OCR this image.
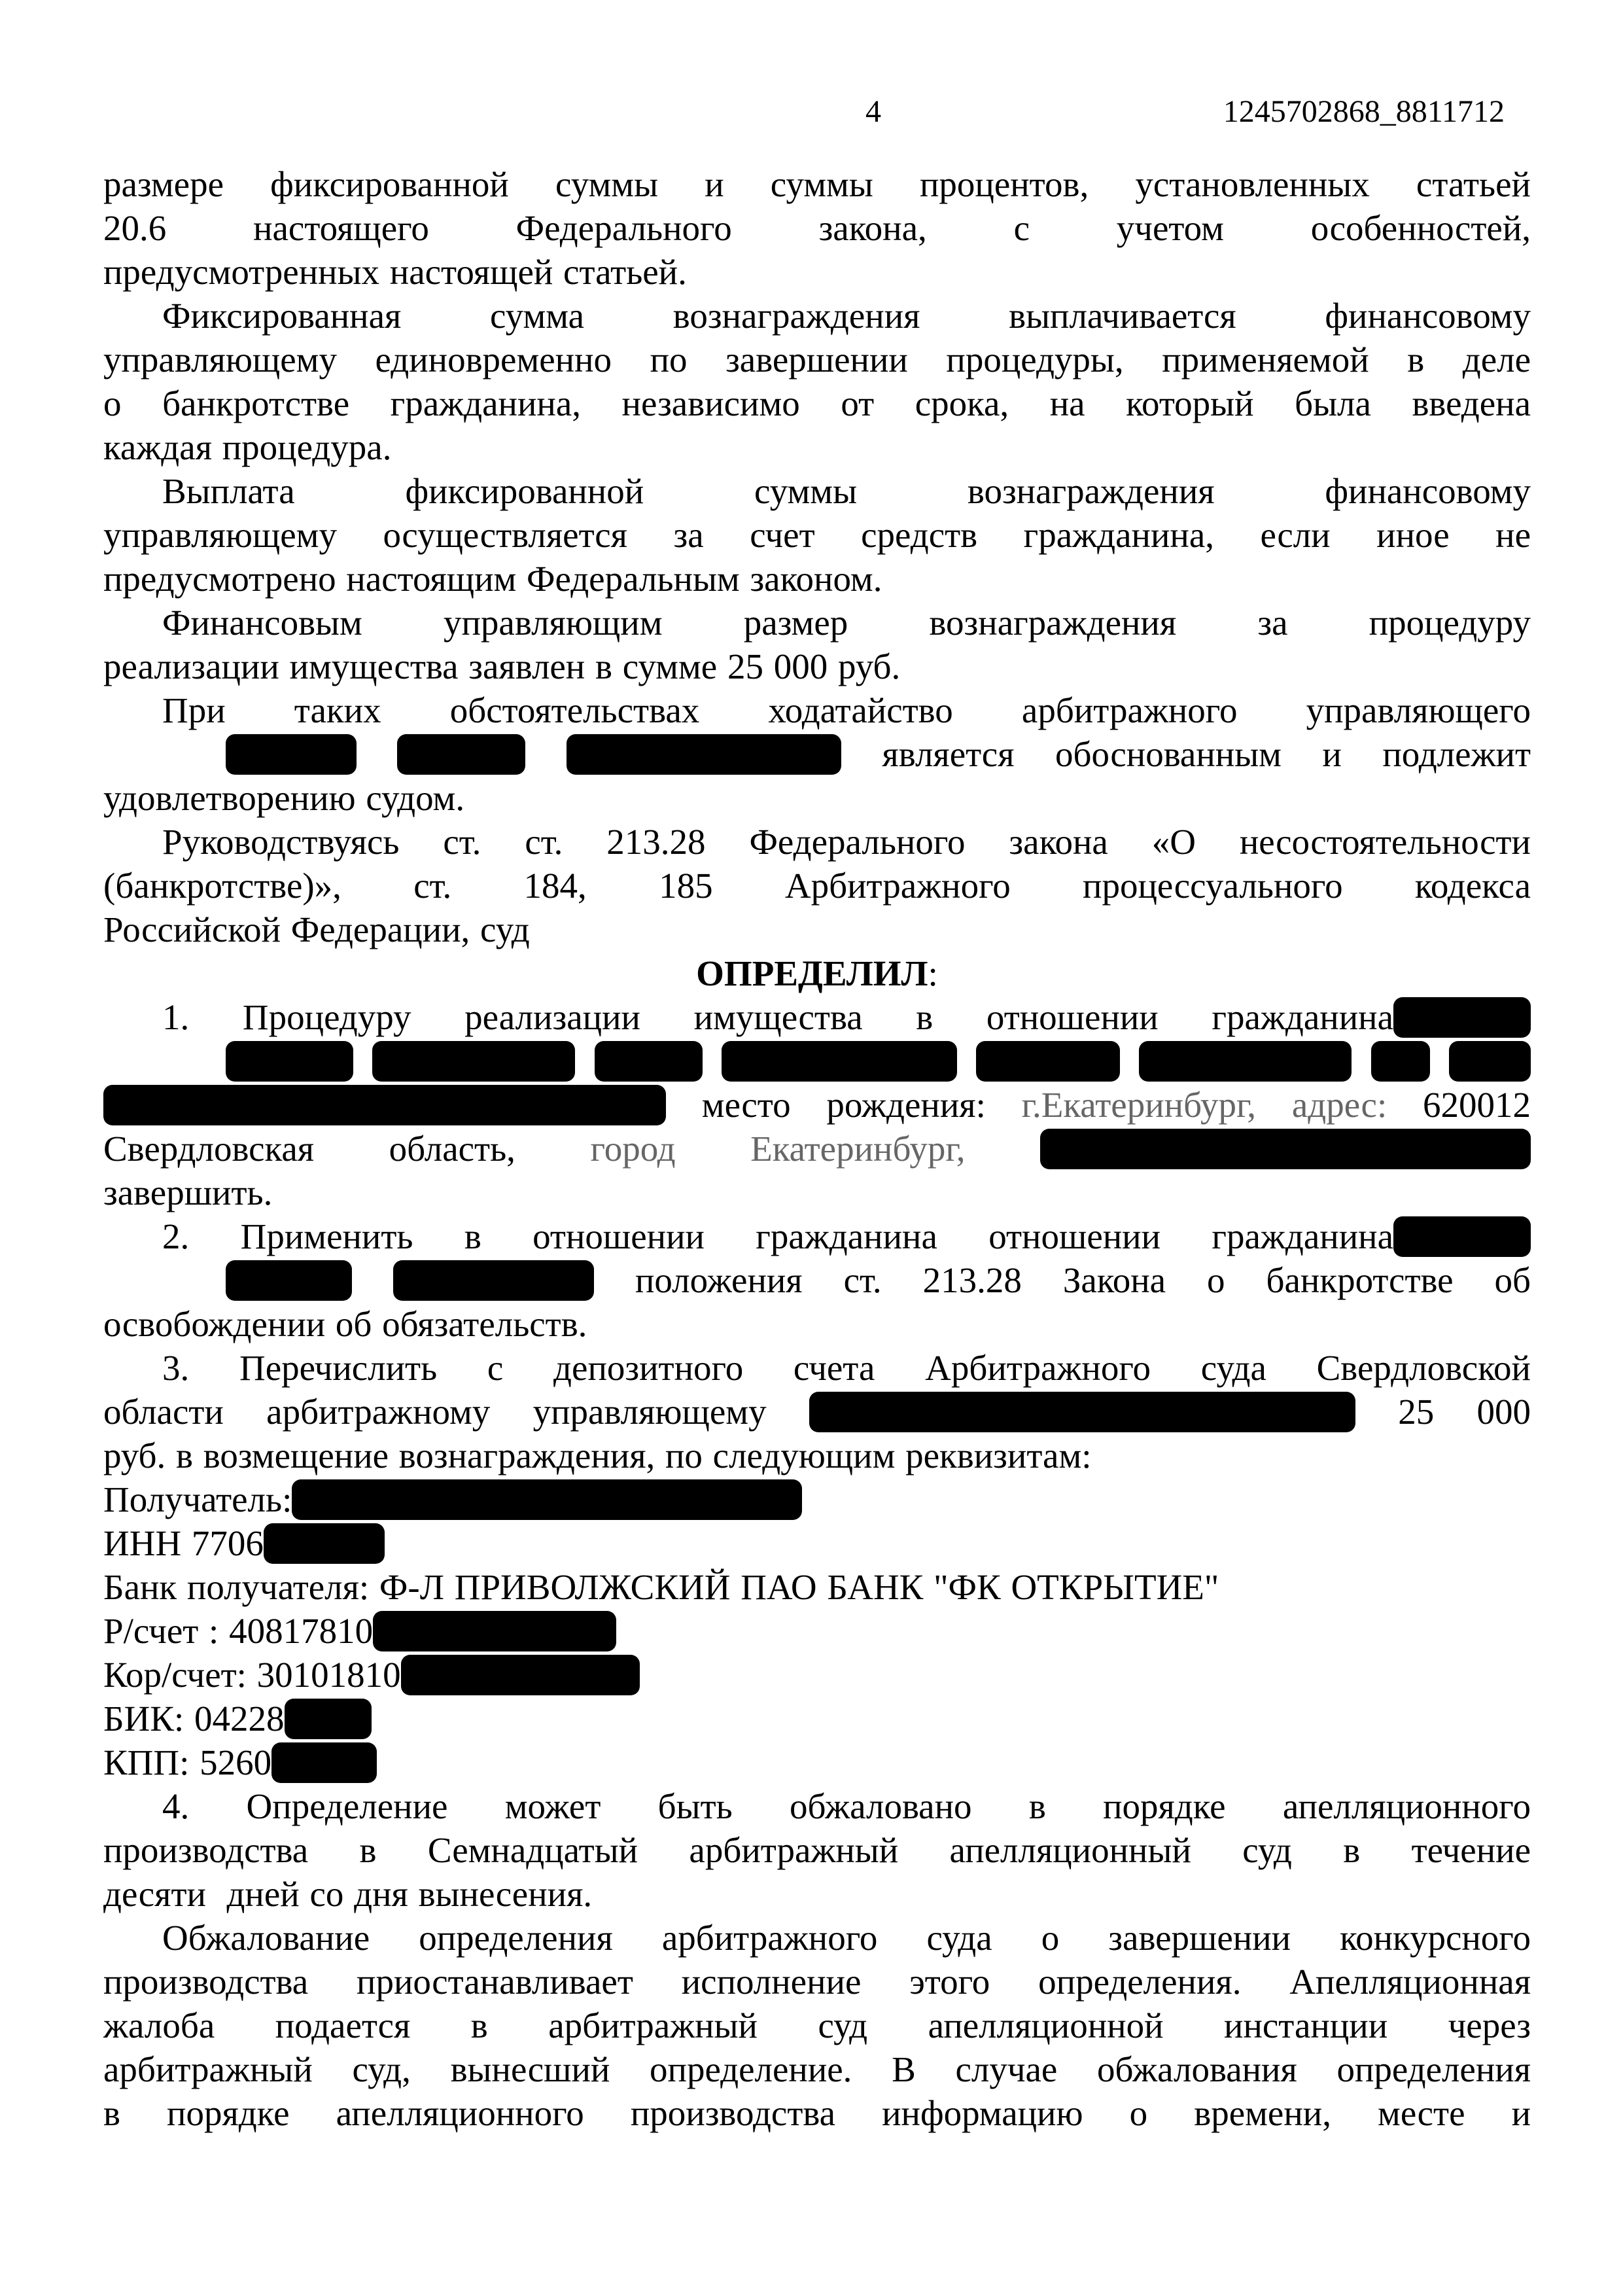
4	1245702868_8811712
размере фиксированной суммы и суммы процентов, установленных статьей
20.6 настоящего Федерального закона, с учетом особенностей,
предусмотренных настоящей статьей.
Фиксированная сумма вознаграждения выплачивается финансовому
управляющему единовременно по завершении процедуры, применяемой в деле
о банкротстве гражданина, независимо от срока, на который была введена
каждая процедура.
Выплата фиксированной суммы вознаграждения финансовому
управляющему осуществляется за счет средств гражданина, если иное не
предусмотрено настоящим Федеральным законом.
Финансовым управляющим размер вознаграждения за процедуру
реализации имущества заявлен в сумме 25 000 руб.
При таких обстоятельствах ходатайство арбитражного управляющего
является обоснованным и подлежит
удовлетворению судом.
Руководствуясь ст. ст. 213.28 Федерального закона «О несостоятельности
(банкротстве)», ст. 184, 185 Арбитражного процессуального кодекса
Российской Федерации, суд
ОПРЕДЕЛИЛ:
1. Процедуру реализации имущества в отношении гражданина

место рождения: г.Екатеринбург, адрес: 620012
Свердловская область, город Екатеринбург,
завершить.
2. Применить в отношении гражданина отношении гражданина
положения ст. 213.28 Закона о банкротстве об
освобождении об обязательств.
3. Перечислить с депозитного счета Арбитражного суда Свердловской
области арбитражному управляющему	25 000
руб. в возмещение вознаграждения, по следующим реквизитам:
Получатель:
ИНН 7706
Банк получателя: Ф-Л ПРИВОЛЖСКИЙ ПАО БАНК "ФК ОТКРЫТИЕ"
Р/счет : 40817810
Кор/счет: 30101810
БИК: 04228
КПП: 5260
4. Определение может быть обжаловано в порядке апелляционного
производства в Семнадцатый арбитражный апелляционный суд в течение
десяти  дней со дня вынесения.
Обжалование определения арбитражного суда о завершении конкурсного
производства приостанавливает исполнение этого определения. Апелляционная
жалоба подается в арбитражный суд апелляционной инстанции через
арбитражный суд, вынесший определение. В случае обжалования определения
в порядке апелляционного производства информацию о времени, месте и
